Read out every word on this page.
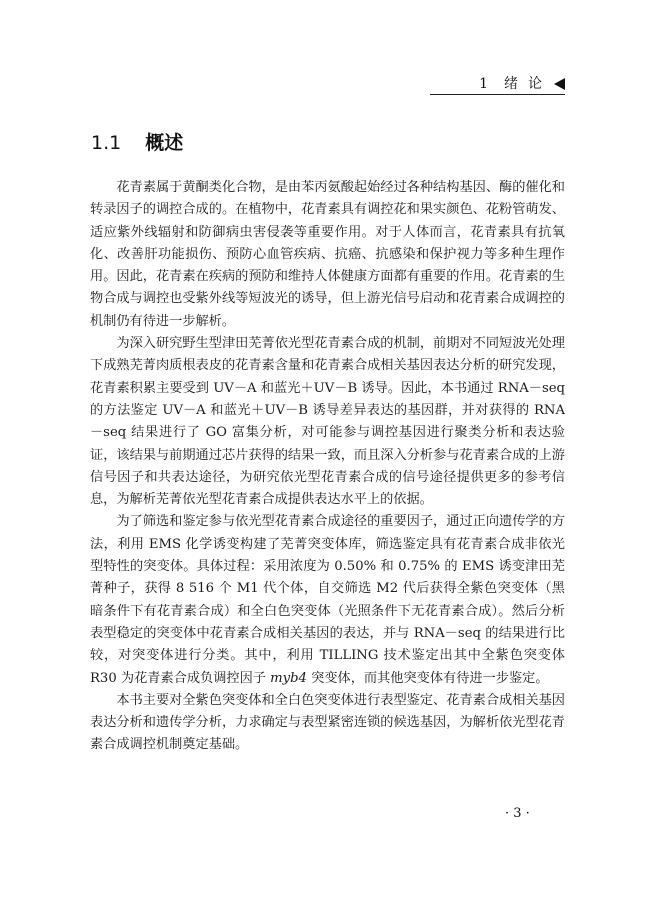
1 绪论
1.1 概述

花青素属于黄酮类化合物，是由苯丙氨酸起始经过各种结构基因、酶的催化和转录因子的调控合成的。在植物中，花青素具有调控花和果实颜色、花粉管萌发、适应紫外线辐射和防御病虫害侵袭等重要作用。对于人体而言，花青素具有抗氧化、改善肝功能损伤、预防心血管疾病、抗癌、抗感染和保护视力等多种生理作用。因此，花青素在疾病的预防和维持人体健康方面都有重要的作用。花青素的生物合成与调控也受紫外线等短波光的诱导，但上游光信号启动和花青素合成调控的机制仍有待进一步解析。

为深入研究野生型津田芜菁依光型花青素合成的机制，前期对不同短波光处理下成熟芜菁肉质根表皮的花青素含量和花青素合成相关基因表达分析的研究发现，花青素积累主要受到 UV－A 和蓝光＋UV－B 诱导。因此，本书通过 RNA－seq 的方法鉴定 UV－A 和蓝光＋UV－B 诱导差异表达的基因群，并对获得的 RNA－seq 结果进行了 GO 富集分析，对可能参与调控基因进行聚类分析和表达验证，该结果与前期通过芯片获得的结果一致，而且深入分析参与花青素合成的上游信号因子和共表达途径，为研究依光型花青素合成的信号途径提供更多的参考信息，为解析芜菁依光型花青素合成提供表达水平上的依据。

为了筛选和鉴定参与依光型花青素合成途径的重要因子，通过正向遗传学的方法，利用 EMS 化学诱变构建了芜菁突变体库，筛选鉴定具有花青素合成非依光型特性的突变体。具体过程：采用浓度为 0.50% 和 0.75% 的 EMS 诱变津田芜菁种子，获得 8 516 个 M1 代个体，自交筛选 M2 代后获得全紫色突变体（黑暗条件下有花青素合成）和全白色突变体（光照条件下无花青素合成）。然后分析表型稳定的突变体中花青素合成相关基因的表达，并与 RNA－seq 的结果进行比较，对突变体进行分类。其中，利用 TILLING 技术鉴定出其中全紫色突变体 R30 为花青素合成负调控因子 myb4 突变体，而其他突变体有待进一步鉴定。

本书主要对全紫色突变体和全白色突变体进行表型鉴定、花青素合成相关基因表达分析和遗传学分析，力求确定与表型紧密连锁的候选基因，为解析依光型花青素合成调控机制奠定基础。

· 3 ·
